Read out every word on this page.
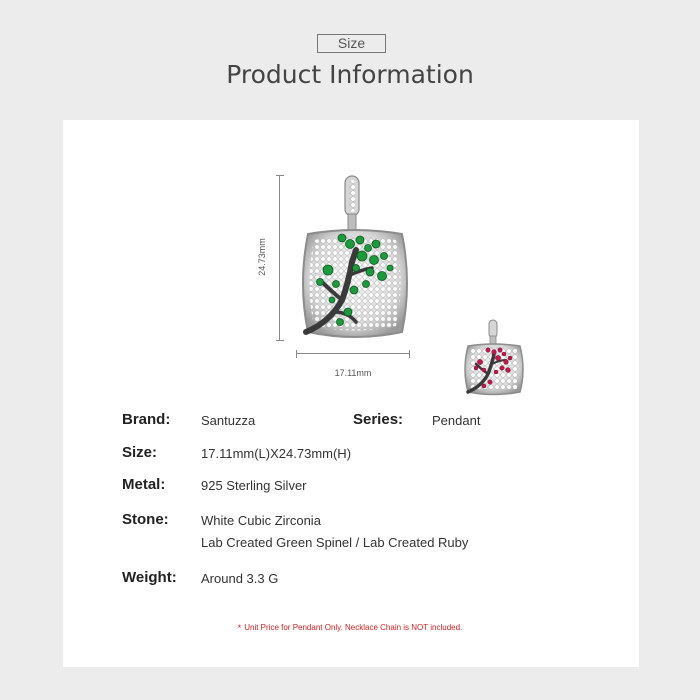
Size
Product Information
24.73mm
17.11mm
Brand: Santuzza	Series: Pendant
Size:	17.11mm(L)X24.73mm(H)
Metal:	925 Sterling Silver
Stone: White Cubic Zirconia
Lab Created Green Spinel / Lab Created Ruby
Weight: Around 3.3 G
* Unit Price for Pendant Only. Necklace Chain is NOT included.
